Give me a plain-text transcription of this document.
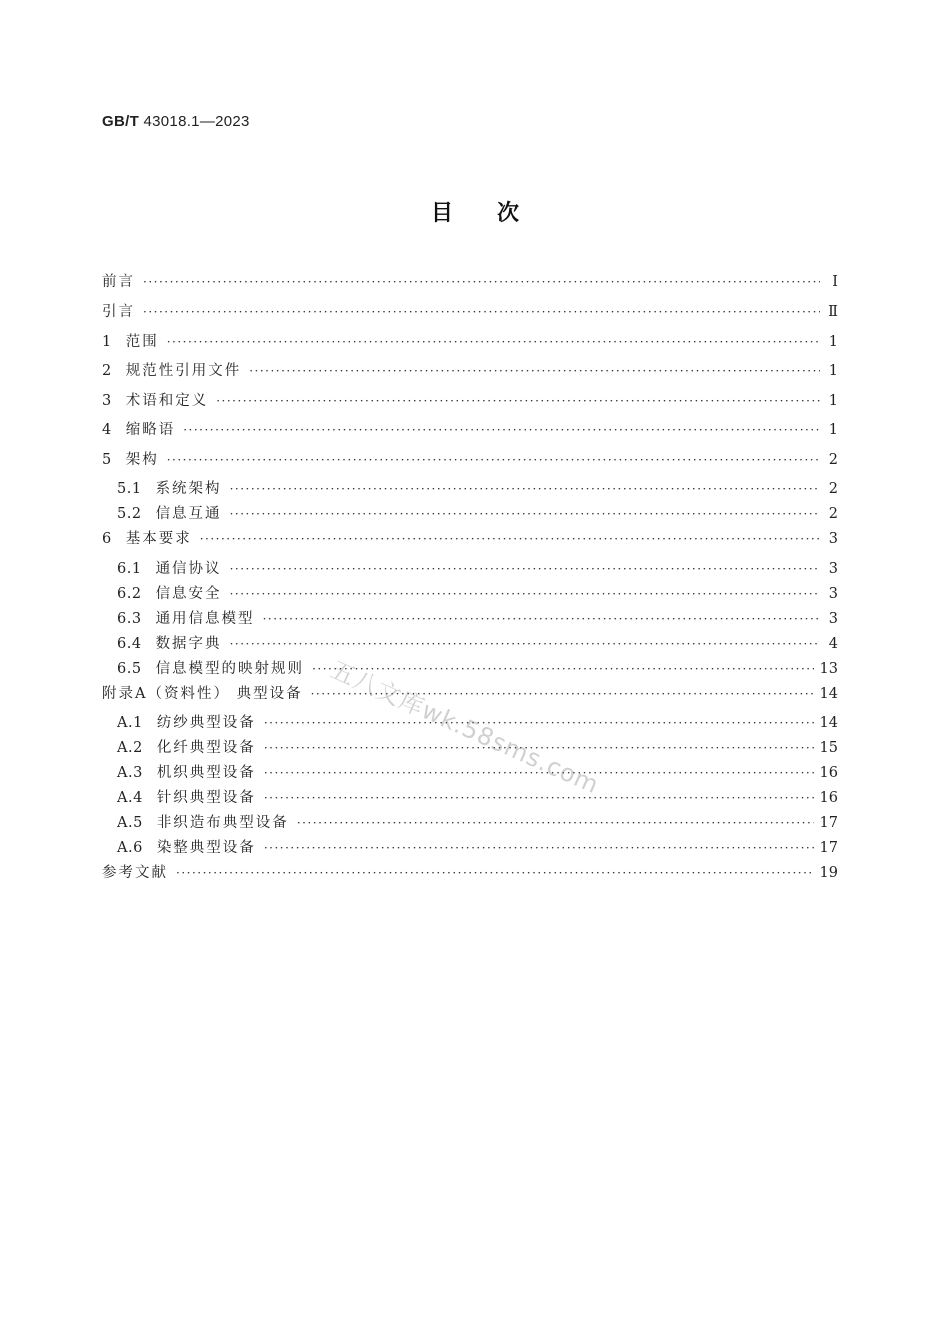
GB/T 43018.1—2023
目次
前言 ·····	Ⅰ
引言 ·····	Ⅱ
1 范围 ·····	1
2 规范性引用文件 ·····	1
3 术语和定义 ·····	1
4 缩略语 ·····	1
5 架构 ·····	2
5.1 系统架构 ·····	2
5.2 信息互通 ·····	2
6 基本要求 ·····	3
6.1 通信协议 ·····	3
6.2 信息安全 ·····	3
6.3 通用信息模型 ·····	3
6.4 数据字典 ·····	4
6.5 信息模型的映射规则 ·····	13
附录A（资料性） 典型设备 ·····	14
A.1 纺纱典型设备 ·····	14
A.2 化纤典型设备 ·····	15
A.3 机织典型设备 ·····	16
A.4 针织典型设备 ·····	16
A.5 非织造布典型设备 ·····	17
A.6 染整典型设备 ·····	17
参考文献 ·····	19
五八文库wk.58sms.com
